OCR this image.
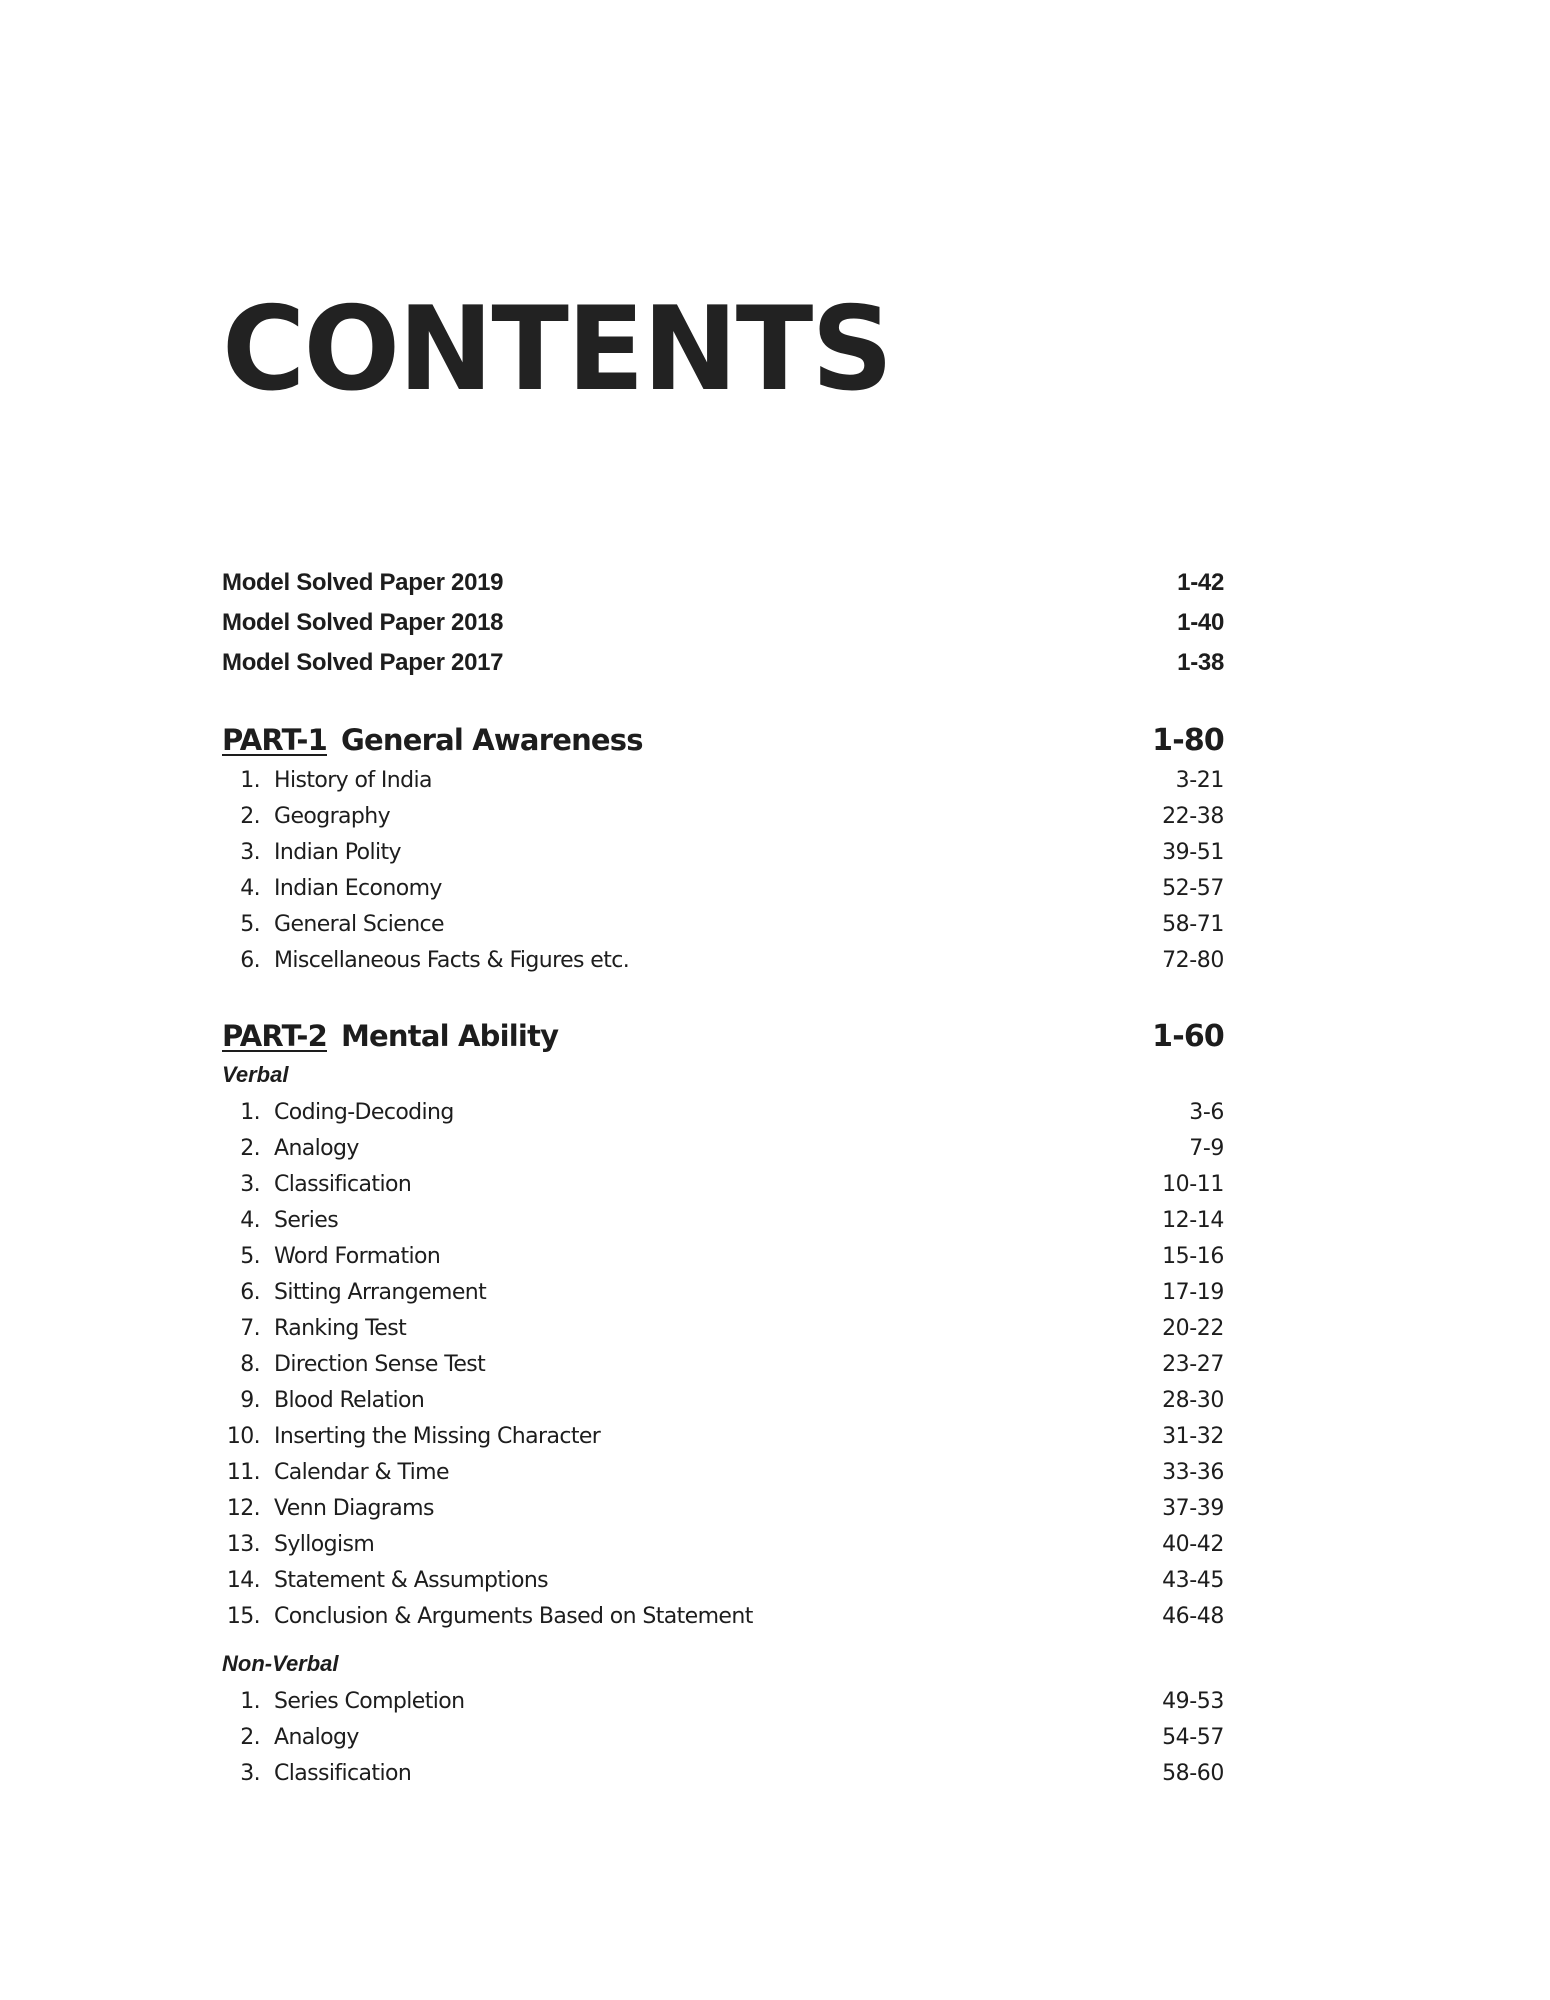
CONTENTS
Model Solved Paper 2019	1-42
Model Solved Paper 2018	1-40
Model Solved Paper 2017	1-38
PART-1 General Awareness	1-80
1. History of India	3-21
2. Geography	22-38
3. Indian Polity	39-51
4. Indian Economy	52-57
5. General Science	58-71
6. Miscellaneous Facts & Figures etc.	72-80
PART-2 Mental Ability	1-60
Verbal
1. Coding-Decoding	3-6
2. Analogy	7-9
3. Classification	10-11
4. Series	12-14
5. Word Formation	15-16
6. Sitting Arrangement	17-19
7. Ranking Test	20-22
8. Direction Sense Test	23-27
9. Blood Relation	28-30
10. Inserting the Missing Character	31-32
11. Calendar & Time	33-36
12. Venn Diagrams	37-39
13. Syllogism	40-42
14. Statement & Assumptions	43-45
15. Conclusion & Arguments Based on Statement	46-48
Non-Verbal
1. Series Completion	49-53
2. Analogy	54-57
3. Classification	58-60
